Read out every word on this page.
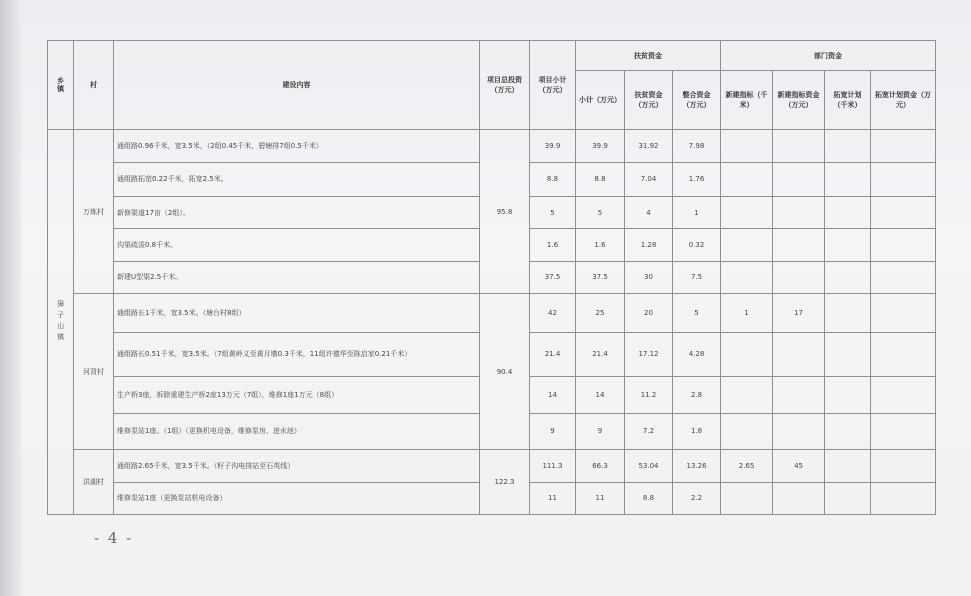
乡镇	村	建设内容	项目总投资（万元）	项目小计（万元）	扶贫资金			部门资金			
					小计（万元）	扶贫资金（万元）	整合资金（万元）	新建指标（千米）	新建指标资金（万元）	拓宽计划（千米）	拓宽计划资金（万元）

獐子山镇	万炼村	通组路0.96千米，宽3.5米，（2组0.45千米，碧塘排7组0.5千米）	95.8	39.9	39.9	31.92	7.98				
		通组路拓宽0.22千米，拓宽2.5米。		8.8	8.8	7.04	1.76				
		新修渠道17亩（2组）。		5	5	4	1				
		沟渠疏浚0.8千米。		1.6	1.6	1.28	0.32				
		新建U型渠2.5千米。		37.5	37.5	30	7.5				
	河背村	通组路长1千米，宽3.5米。（塘台村8组）	90.4	42	25	20	5	1	17		
		通组路长0.51千米，宽3.5米。（7组黄岭义至黄月墩0.3千米，11组许德华至陈启家0.21千米）		21.4	21.4	17.12	4.28				
		生产桥3座，拆除重建生产桥2座13万元（7组），维修1座1万元（8组）		14	14	11.2	2.8				
		维修泵站1座。（1组）（更换机电设备，维修泵房，进水池）		9	9	7.2	1.8				
	洪湖村	通组路2.65千米，宽3.5千米。（籽子沟电排站至石英线）	122.3	111.3	66.3	53.04	13.26	2.65	45		
		维修泵站1座（更换泵站机电设备）		11	11	8.8	2.2				
- 4 -
